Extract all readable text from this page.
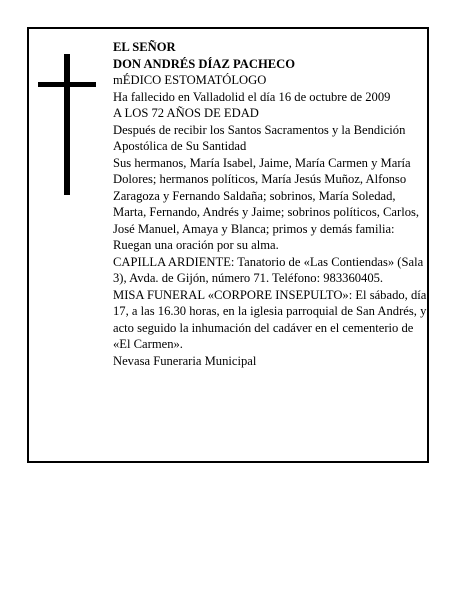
EL SEÑOR

DON ANDRÉS DÍAZ PACHECO

mÉDICO ESTOMATÓLOGO

Ha fallecido en Valladolid el día 16 de octubre de 2009

A LOS 72 AÑOS DE EDAD

Después de recibir los Santos Sacramentos y la Bendición Apostólica de Su Santidad

Sus hermanos, María Isabel, Jaime, María Carmen y María Dolores; hermanos políticos, María Jesús Muñoz, Alfonso Zaragoza y Fernando Saldaña; sobrinos, María Soledad, Marta, Fernando, Andrés y Jaime; sobrinos políticos, Carlos, José Manuel, Amaya y Blanca; primos y demás familia:

Ruegan una oración por su alma.

CAPILLA ARDIENTE: Tanatorio de «Las Contiendas» (Sala 3), Avda. de Gijón, número 71. Teléfono: 983360405.

MISA FUNERAL «CORPORE INSEPULTO»: El sábado, día 17, a las 16.30 horas, en la iglesia parroquial de San Andrés, y acto seguido la inhumación del cadáver en el cementerio de «El Carmen».

Nevasa Funeraria Municipal
